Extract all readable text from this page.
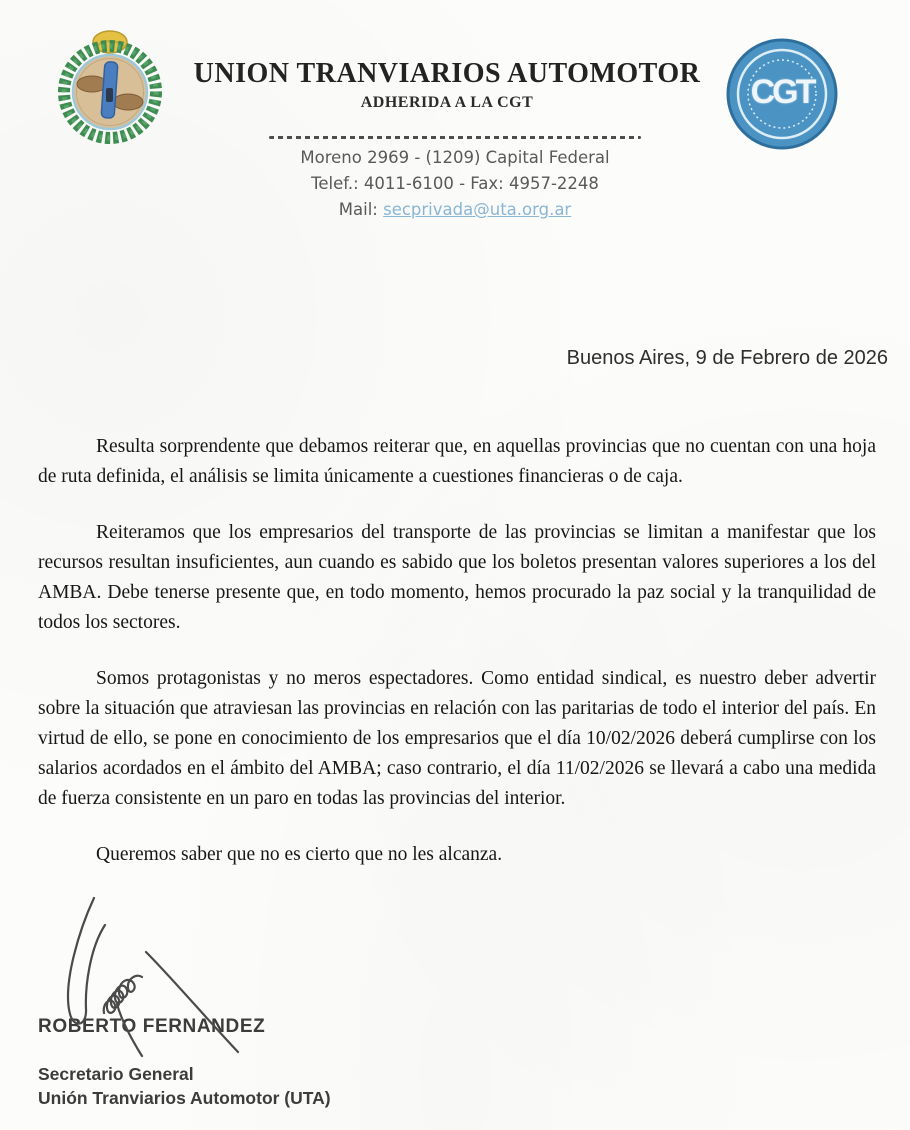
UNION TRANVIARIOS AUTOMOTOR
ADHERIDA A LA CGT	CGT
Moreno 2969 - (1209) Capital Federal
Telef.: 4011-6100 - Fax: 4957-2248
Mail: secprivada@uta.org.ar
Buenos Aires, 9 de Febrero de 2026

Resulta sorprendente que debamos reiterar que, en aquellas provincias que no cuentan con una hoja de ruta definida, el análisis se limita únicamente a cuestiones financieras o de caja.

Reiteramos que los empresarios del transporte de las provincias se limitan a manifestar que los recursos resultan insuficientes, aun cuando es sabido que los boletos presentan valores superiores a los del AMBA. Debe tenerse presente que, en todo momento, hemos procurado la paz social y la tranquilidad de todos los sectores.

Somos protagonistas y no meros espectadores. Como entidad sindical, es nuestro deber advertir sobre la situación que atraviesan las provincias en relación con las paritarias de todo el interior del país. En virtud de ello, se pone en conocimiento de los empresarios que el día 10/02/2026 deberá cumplirse con los salarios acordados en el ámbito del AMBA; caso contrario, el día 11/02/2026 se llevará a cabo una medida de fuerza consistente en un paro en todas las provincias del interior.

Queremos saber que no es cierto que no les alcanza.

ROBERTO FERNANDEZ
Secretario General
Unión Tranviarios Automotor (UTA)
